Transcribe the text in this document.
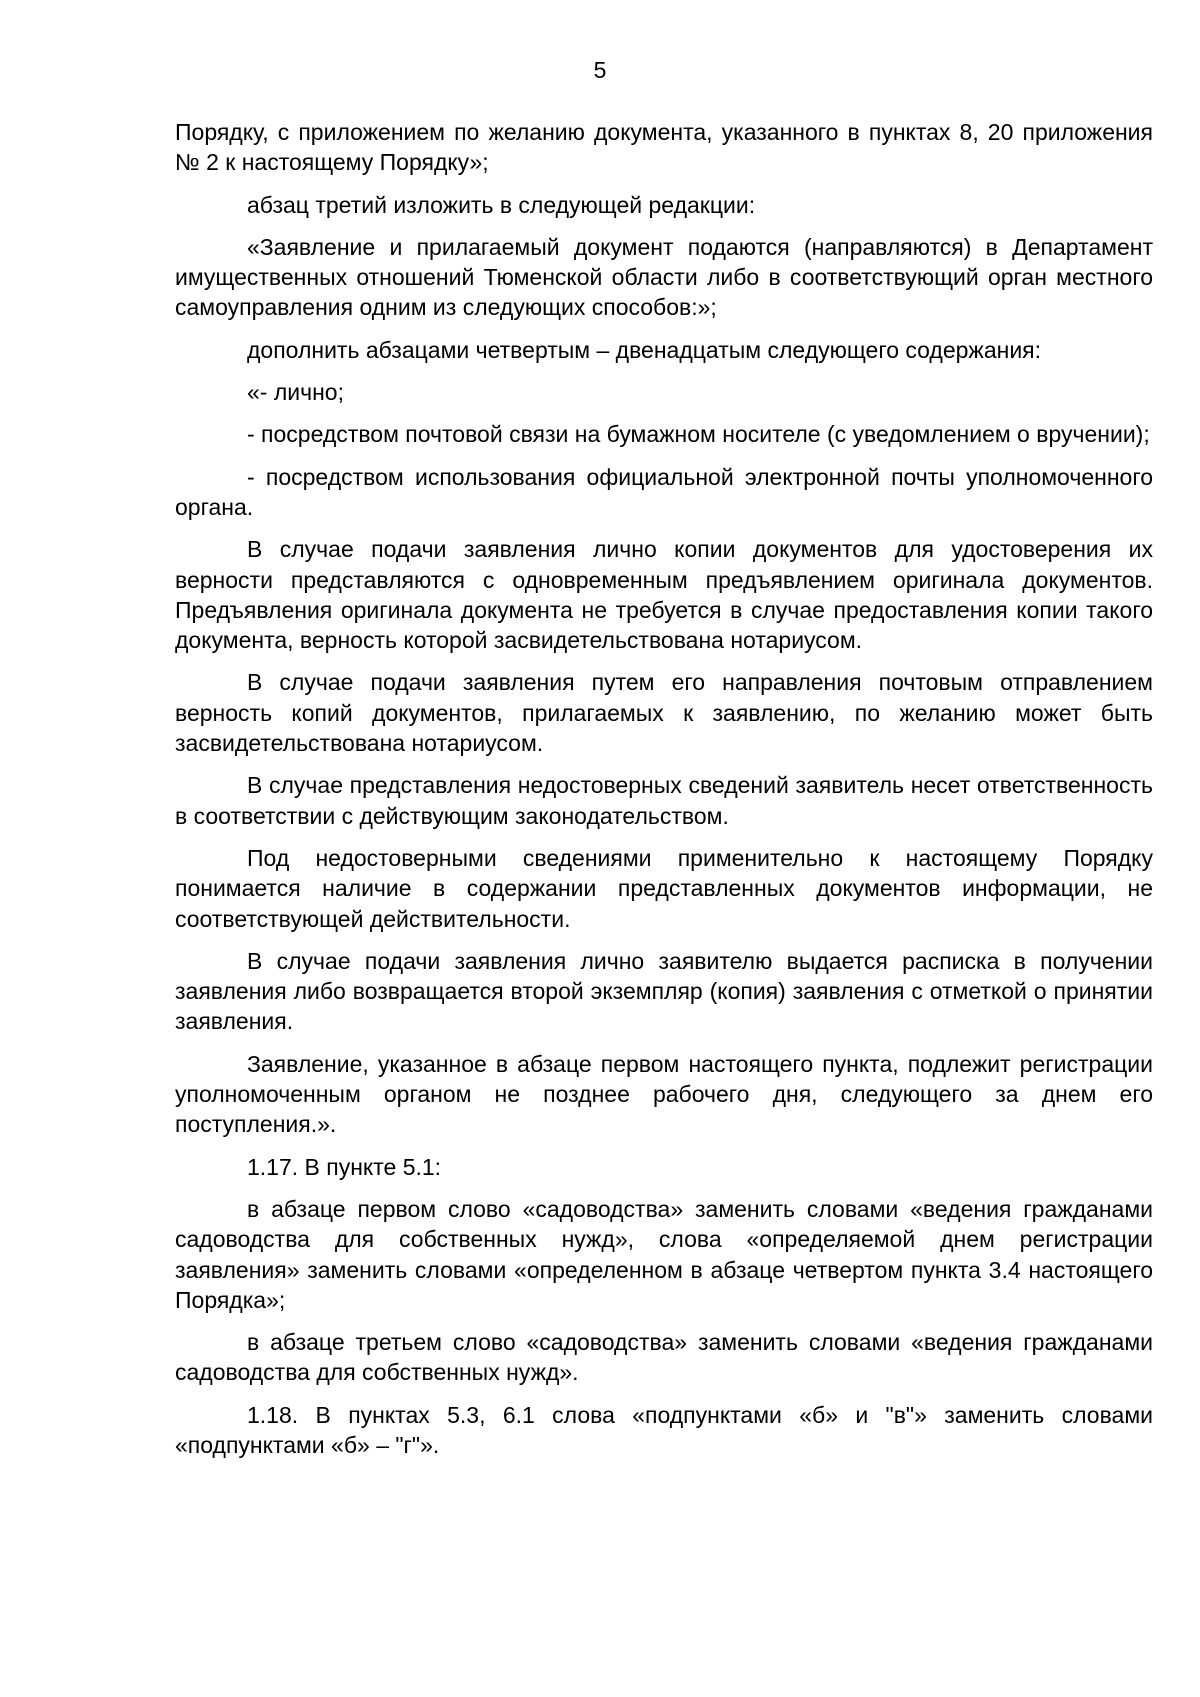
5

Порядку, с приложением по желанию документа, указанного в пунктах 8, 20 приложения № 2 к настоящему Порядку»;

абзац третий изложить в следующей редакции:

«Заявление и прилагаемый документ подаются (направляются) в Департамент имущественных отношений Тюменской области либо в соответствующий орган местного самоуправления одним из следующих способов:»;

дополнить абзацами четвертым – двенадцатым следующего содержания:

«- лично;

- посредством почтовой связи на бумажном носителе (с уведомлением о вручении);

- посредством использования официальной электронной почты уполномоченного органа.

В случае подачи заявления лично копии документов для удостоверения их верности представляются с одновременным предъявлением оригинала документов. Предъявления оригинала документа не требуется в случае предоставления копии такого документа, верность которой засвидетельствована нотариусом.

В случае подачи заявления путем его направления почтовым отправлением верность копий документов, прилагаемых к заявлению, по желанию может быть засвидетельствована нотариусом.

В случае представления недостоверных сведений заявитель несет ответственность в соответствии с действующим законодательством.

Под недостоверными сведениями применительно к настоящему Порядку понимается наличие в содержании представленных документов информации, не соответствующей действительности.

В случае подачи заявления лично заявителю выдается расписка в получении заявления либо возвращается второй экземпляр (копия) заявления с отметкой о принятии заявления.

Заявление, указанное в абзаце первом настоящего пункта, подлежит регистрации уполномоченным органом не позднее рабочего дня, следующего за днем его поступления.».

1.17. В пункте 5.1:

в абзаце первом слово «садоводства» заменить словами «ведения гражданами садоводства для собственных нужд», слова «определяемой днем регистрации заявления» заменить словами «определенном в абзаце четвертом пункта 3.4 настоящего Порядка»;

в абзаце третьем слово «садоводства» заменить словами «ведения гражданами садоводства для собственных нужд».

1.18. В пунктах 5.3, 6.1 слова «подпунктами «б» и "в"» заменить словами «подпунктами «б» – "г"».
